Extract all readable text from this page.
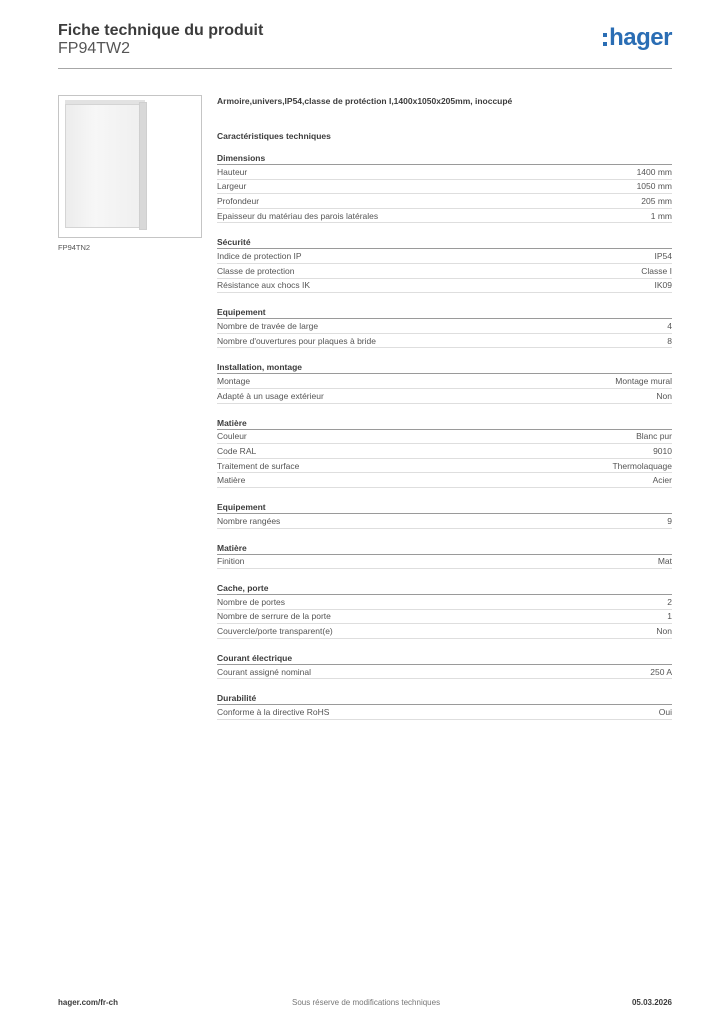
Fiche technique du produit
FP94TW2	hager
FP94TN2
Armoire,univers,IP54,classe de protéction I,1400x1050x205mm, inoccupé
Caractéristiques techniques
Dimensions
Hauteur	1400 mm
Largeur	1050 mm
Profondeur	205 mm
Epaisseur du matériau des parois latérales	1 mm
Sécurité
Indice de protection IP	IP54
Classe de protection	Classe I
Résistance aux chocs IK	IK09
Equipement
Nombre de travée de large	4
Nombre d'ouvertures pour plaques à bride	8
Installation, montage
Montage	Montage mural
Adapté à un usage extérieur	Non
Matière
Couleur	Blanc pur
Code RAL	9010
Traitement de surface	Thermolaquage
Matière	Acier
Equipement
Nombre rangées	9
Matière
Finition	Mat
Cache, porte
Nombre de portes	2
Nombre de serrure de la porte	1
Couvercle/porte transparent(e)	Non
Courant électrique
Courant assigné nominal	250 A
Durabilité
Conforme à la directive RoHS	Oui
hager.com/fr-ch	Sous réserve de modifications techniques	05.03.2026
